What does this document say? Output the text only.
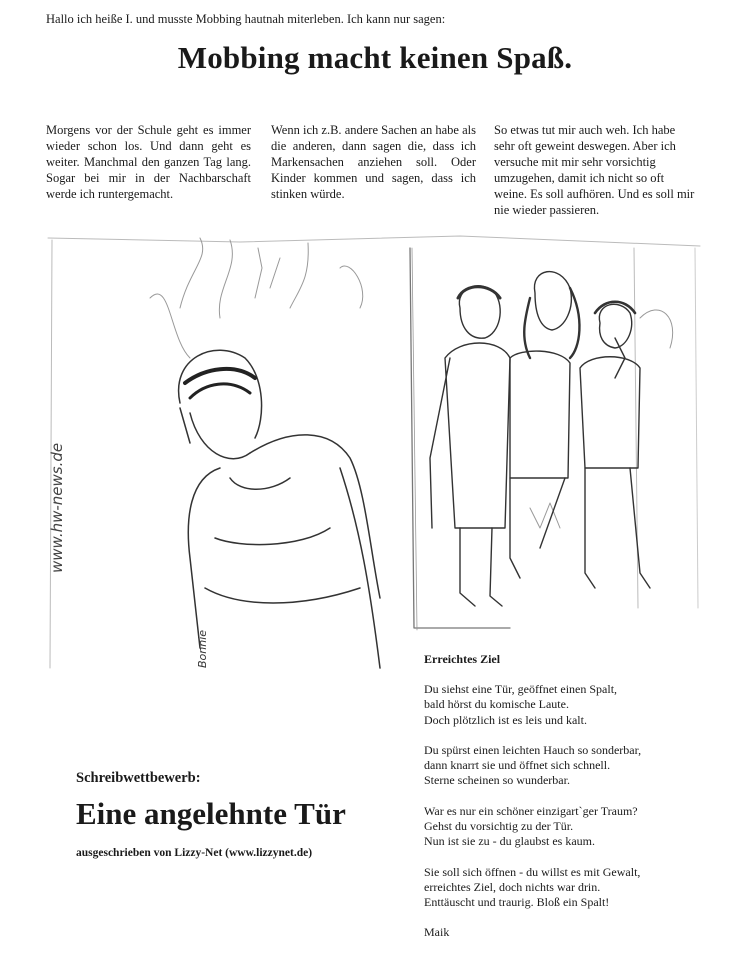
Hallo ich heiße I. und musste Mobbing hautnah miterleben. Ich kann nur sagen:
Mobbing macht keinen Spaß.
Morgens vor der Schule geht es immer wieder schon los. Und dann geht es weiter. Manchmal den ganzen Tag lang. Sogar bei mir in der Nachbarschaft werde ich runtergemacht.
Wenn ich z.B. andere Sachen an habe als die anderen, dann sagen die, dass ich Markensachen anziehen soll. Oder Kinder kommen und sagen, dass ich stinken würde.
So etwas tut mir auch weh. Ich habe sehr oft geweint deswegen. Aber ich versuche mit mir sehr vorsichtig umzugehen, damit ich nicht so oft weine. Es soll aufhören. Und es soll mir nie wieder passieren.
www.hw-news.de
Bonnie
Schreibwettbewerb:
Eine angelehnte Tür
ausgeschrieben von Lizzy-Net (www.lizzynet.de)
Erreichtes Ziel
Du siehst eine Tür, geöffnet einen Spalt,
bald hörst du komische Laute.
Doch plötzlich ist es leis und kalt.
Du spürst einen leichten Hauch so sonderbar,
dann knarrt sie und öffnet sich schnell.
Sterne scheinen so wunderbar.
War es nur ein schöner einzigart`ger Traum?
Gehst du vorsichtig zu der Tür.
Nun ist sie zu - du glaubst es kaum.
Sie soll sich öffnen - du willst es mit Gewalt,
erreichtes Ziel, doch nichts war drin.
Enttäuscht und traurig. Bloß ein Spalt!
Maik
